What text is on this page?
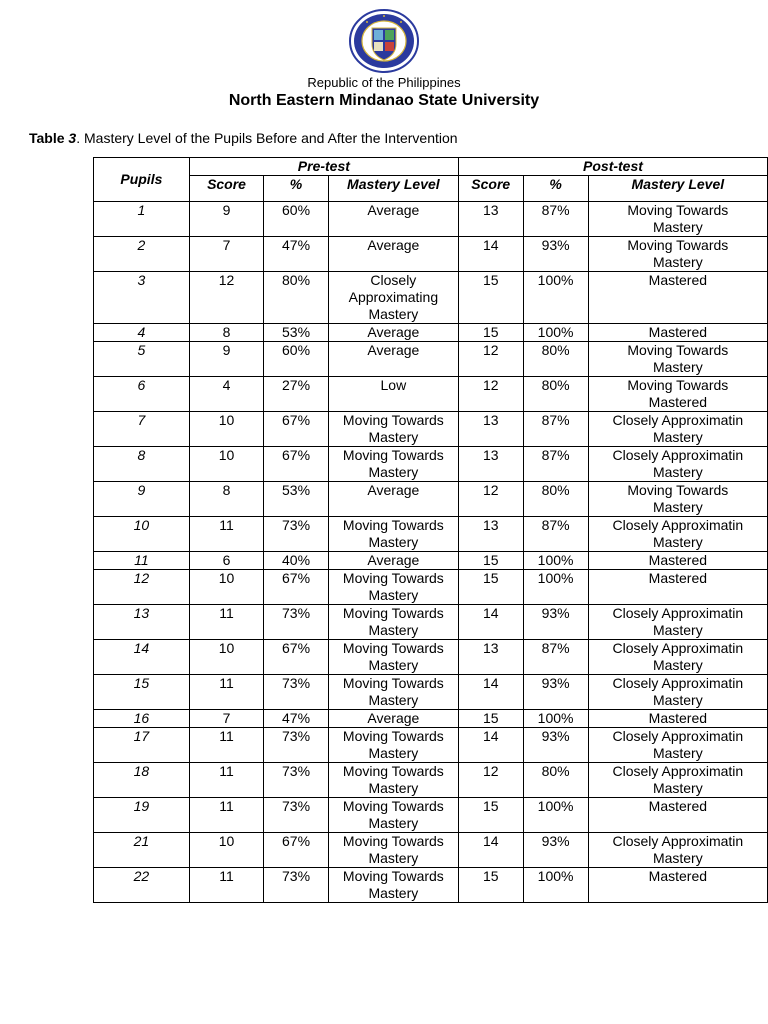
Republic of the Philippines
North Eastern Mindanao State University
Table 3. Mastery Level of the Pupils Before and After the Intervention
Pupils	Pre-test			Post-test		
	Score	%	Mastery Level	Score	%	Mastery Level
1	9	60%	Average	13	87%	Moving Towards
Mastery

2	7	47%	Average	14	93%	Moving Towards
Mastery

3	12	80%	Closely
Approximating
Mastery	15	100%	Mastered

4	8	53%	Average	15	100%	Mastered

5	9	60%	Average	12	80%	Moving Towards
Mastery

6	4	27%	Low	12	80%	Moving Towards
Mastered

7	10	67%	Moving Towards
Mastery	13	87%	Closely Approximatin
Mastery

8	10	67%	Moving Towards
Mastery	13	87%	Closely Approximatin
Mastery

9	8	53%	Average	12	80%	Moving Towards
Mastery

10	11	73%	Moving Towards
Mastery	13	87%	Closely Approximatin
Mastery

11	6	40%	Average	15	100%	Mastered

12	10	67%	Moving Towards
Mastery	15	100%	Mastered

13	11	73%	Moving Towards
Mastery	14	93%	Closely Approximatin
Mastery

14	10	67%	Moving Towards
Mastery	13	87%	Closely Approximatin
Mastery

15	11	73%	Moving Towards
Mastery	14	93%	Closely Approximatin
Mastery

16	7	47%	Average	15	100%	Mastered

17	11	73%	Moving Towards
Mastery	14	93%	Closely Approximatin
Mastery

18	11	73%	Moving Towards
Mastery	12	80%	Closely Approximatin
Mastery

19	11	73%	Moving Towards
Mastery	15	100%	Mastered

21	10	67%	Moving Towards
Mastery	14	93%	Closely Approximatin
Mastery

22	11	73%	Moving Towards
Mastery	15	100%	Mastered
